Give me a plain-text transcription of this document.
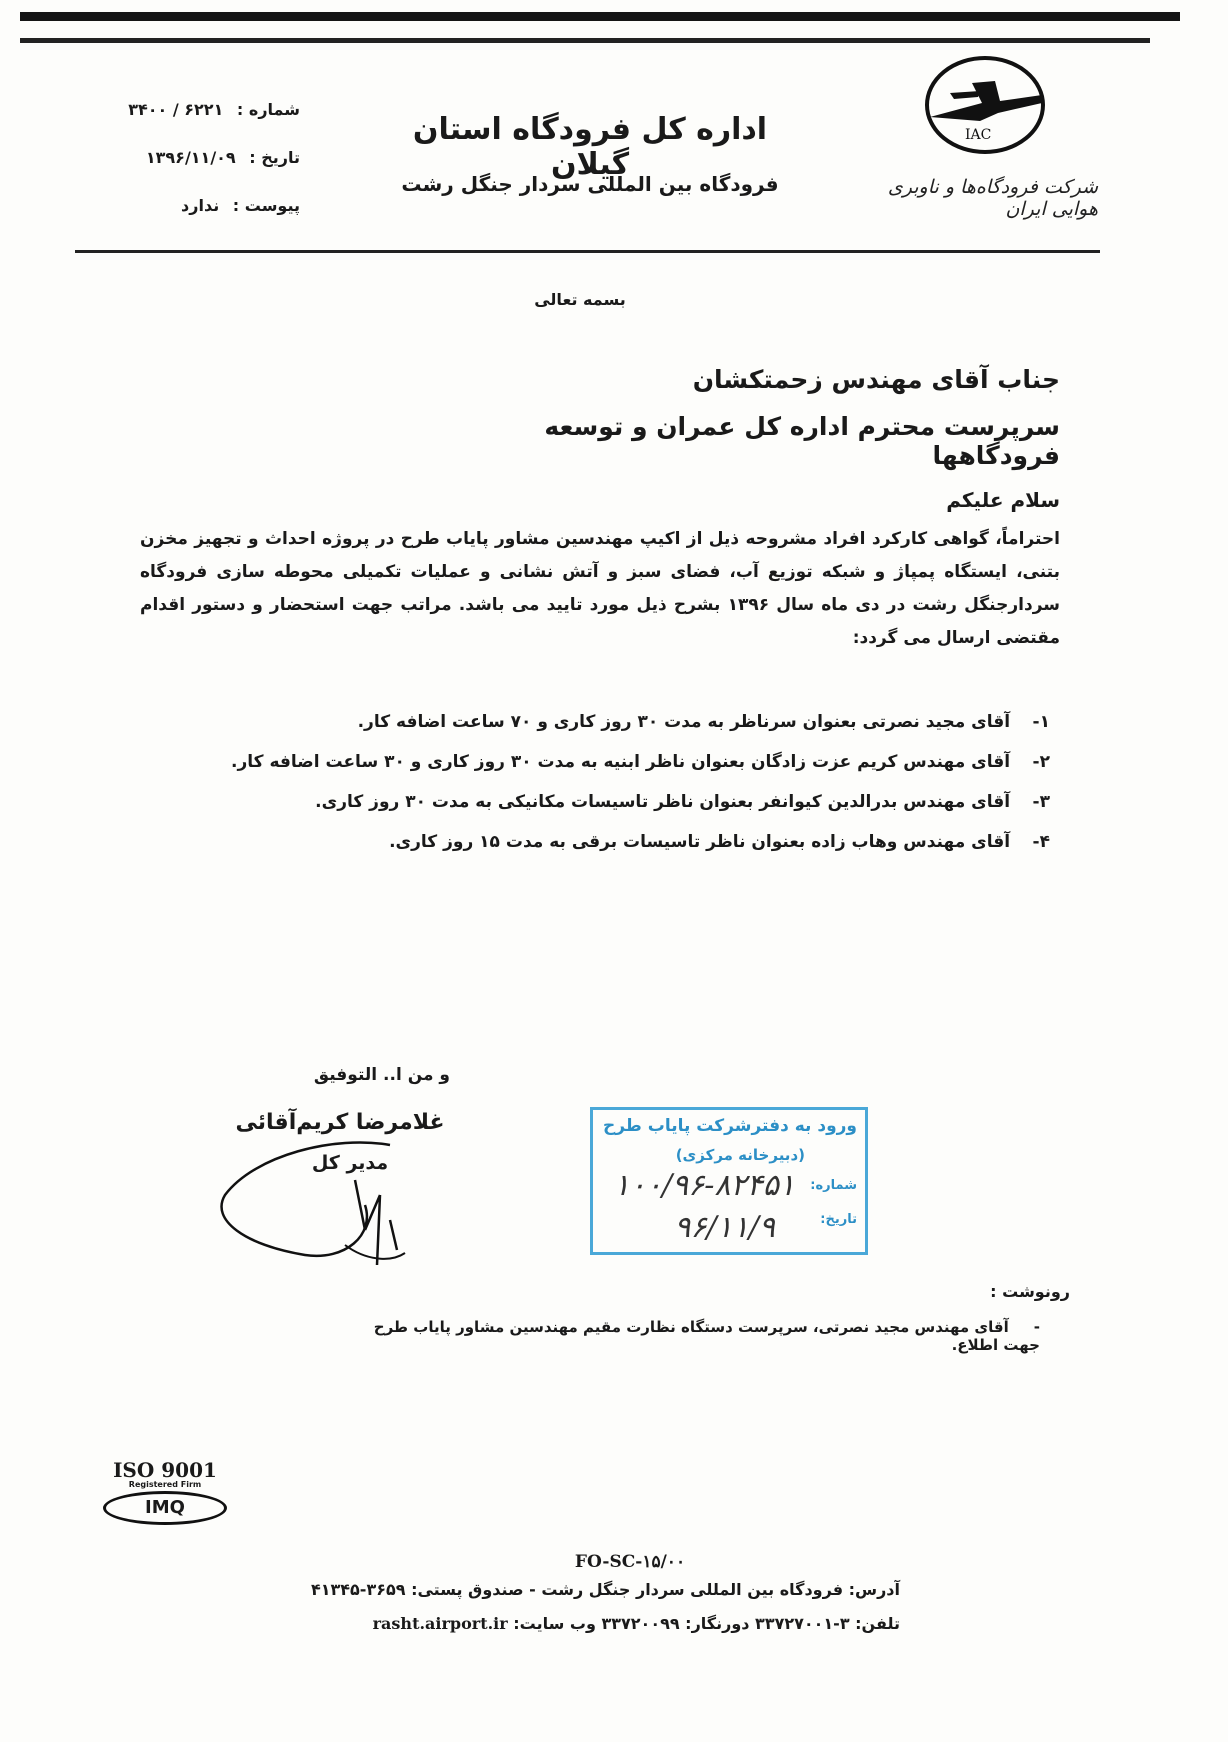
IAC
شرکت فرودگاه‌ها و ناوبری هوایی ایران
اداره کل فرودگاه استان گیلان
فرودگاه بین المللی سردار جنگل رشت
شماره : ۶۲۲۱ / ۳۴۰۰
تاریخ : ۱۳۹۶/۱۱/۰۹
پیوست : ندارد
بسمه تعالی
جناب آقای مهندس زحمتکشان
سرپرست محترم اداره کل عمران و توسعه فرودگاهها
سلام علیکم
احتراماً، گواهی کارکرد افراد مشروحه ذیل از اکیپ مهندسین مشاور پایاب طرح در پروژه احداث و تجهیز مخزن بتنی، ایستگاه پمپاژ و شبکه توزیع آب، فضای سبز و آتش نشانی و عملیات تکمیلی محوطه سازی فرودگاه سردارجنگل رشت در دی ماه سال ۱۳۹۶ بشرح ذیل مورد تایید می باشد. مراتب جهت استحضار و دستور اقدام مقتضی ارسال می گردد:
۱- آقای مجید نصرتی بعنوان سرناظر به مدت ۳۰ روز کاری و ۷۰ ساعت اضافه کار.
۲- آقای مهندس کریم عزت زادگان بعنوان ناظر ابنیه به مدت ۳۰ روز کاری و ۳۰ ساعت اضافه کار.
۳- آقای مهندس بدرالدین کیوانفر بعنوان ناظر تاسیسات مکانیکی به مدت ۳۰ روز کاری.
۴- آقای مهندس وهاب زاده بعنوان ناظر تاسیسات برقی به مدت ۱۵ روز کاری.
و من ا.. التوفیق
غلامرضا کریم‌آقائی
مدیر کل
ورود به دفترشرکت پایاب طرح
(دبیرخانه مرکزی)
شماره:
۱۰۰/۹۶-۸۲۴۵۱
تاریخ:
۹۶/۱۱/۹
رونوشت :
- آقای مهندس مجید نصرتی، سرپرست دستگاه نظارت مقیم مهندسین مشاور پایاب طرح جهت اطلاع.
ISO 9001
Registered Firm
IMQ
FO-SC-۱۵/۰۰
آدرس: فرودگاه بین المللی سردار جنگل رشت - صندوق پستی: ۳۶۵۹-۴۱۳۴۵
تلفن: ۳-۳۳۷۲۷۰۰۱ دورنگار: ۳۳۷۲۰۰۹۹ وب سایت: rasht.airport.ir
